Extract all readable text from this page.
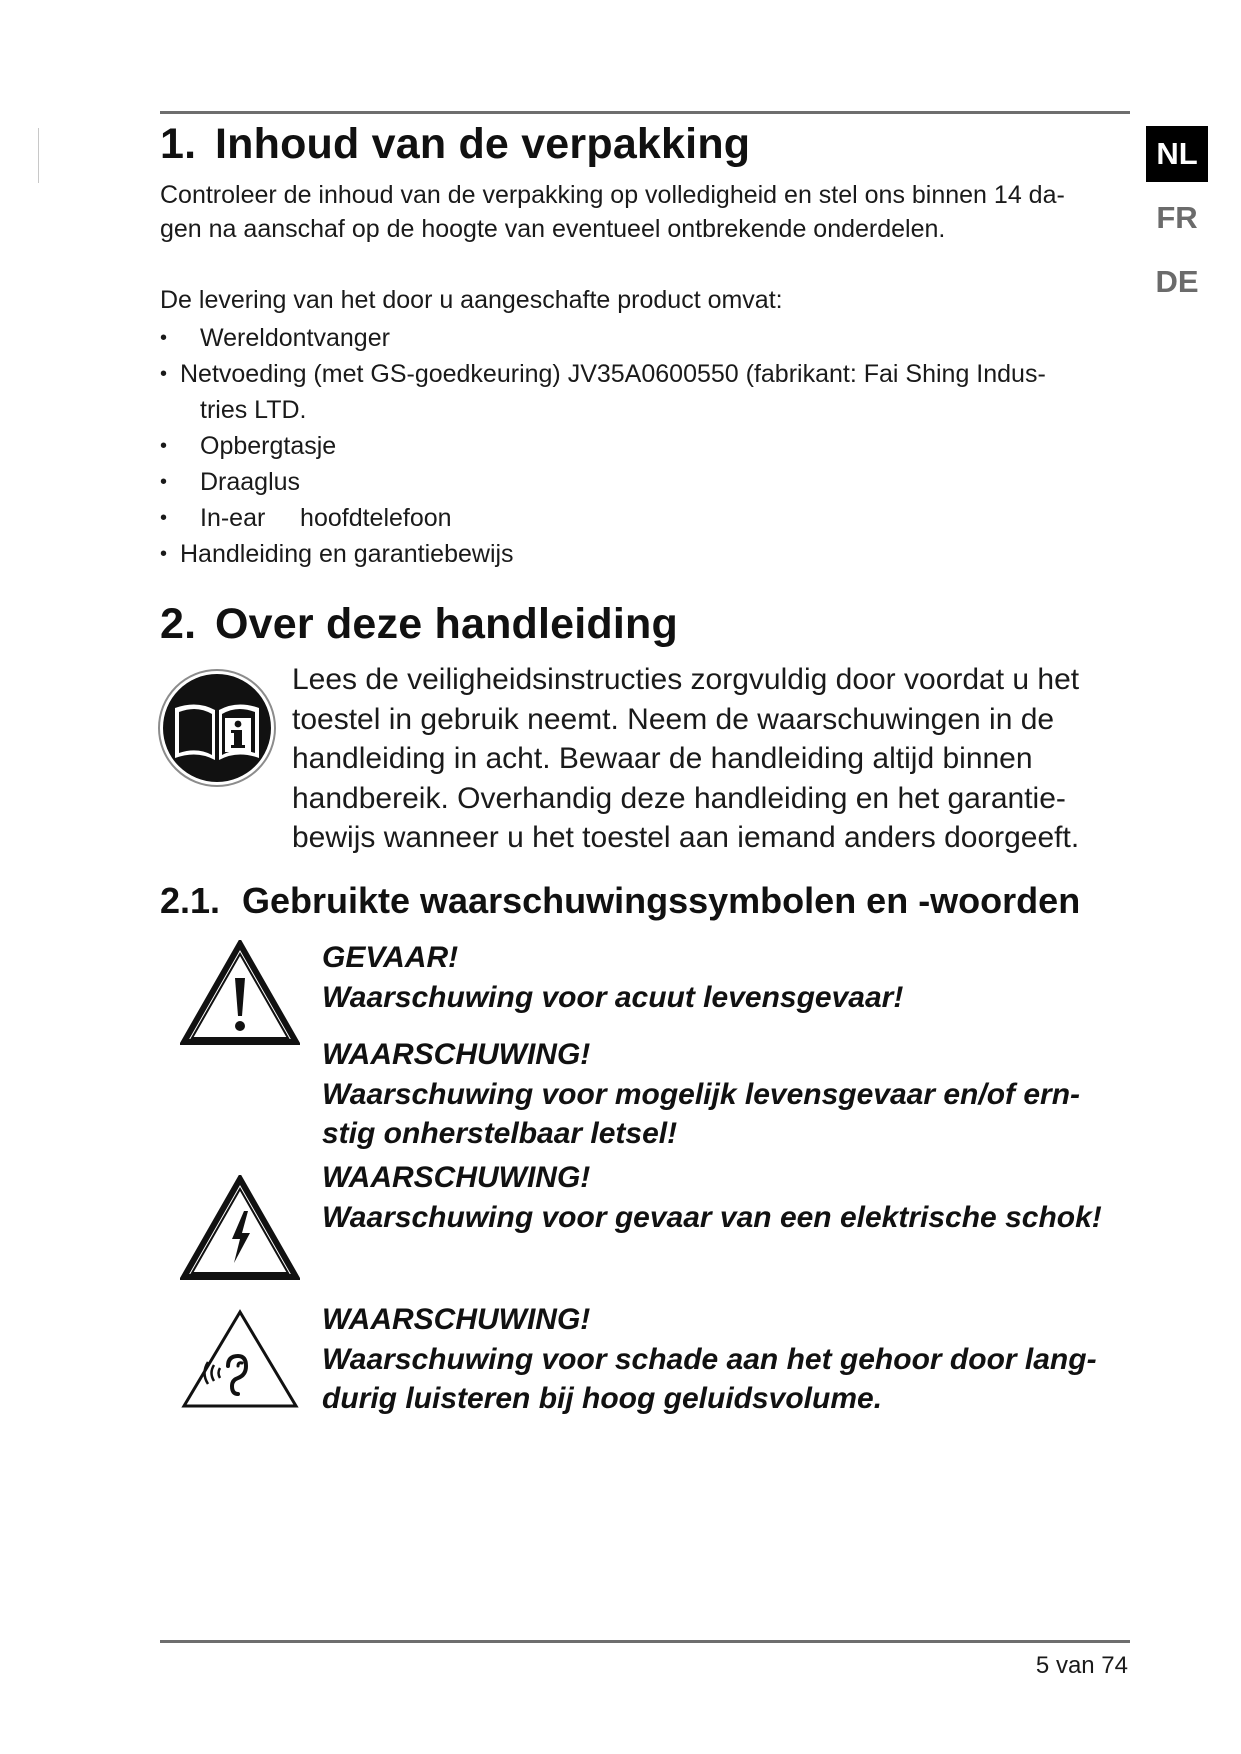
NL
FR
DE
1. Inhoud van de verpakking

Controleer de inhoud van de verpakking op volledigheid en stel ons binnen 14 da-
gen na aanschaf op de hoogte van eventueel ontbrekende onderdelen.

De levering van het door u aangeschafte product omvat:

• Wereldontvanger
• Netvoeding (met GS-goedkeuring) JV35A0600550 (fabrikant: Fai Shing Indus-
tries LTD.
• Opbergtasje
• Draaglus
• In-ear     hoofdtelefoon
• Handleiding en garantiebewijs
2. Over deze handleiding

Lees de veiligheidsinstructies zorgvuldig door voordat u het
toestel in gebruik neemt. Neem de waarschuwingen in de
handleiding in acht. Bewaar de handleiding altijd binnen
handbereik. Overhandig deze handleiding en het garantie-
bewijs wanneer u het toestel aan iemand anders doorgeeft.

2.1. Gebruikte waarschuwingssymbolen en -woorden
GEVAAR!
Waarschuwing voor acuut levensgevaar!
WAARSCHUWING!
Waarschuwing voor mogelijk levensgevaar en/of ern-
stig onherstelbaar letsel!
WAARSCHUWING!
Waarschuwing voor gevaar van een elektrische schok!
WAARSCHUWING!
Waarschuwing voor schade aan het gehoor door lang-
durig luisteren bij hoog geluidsvolume.
5 van 74
